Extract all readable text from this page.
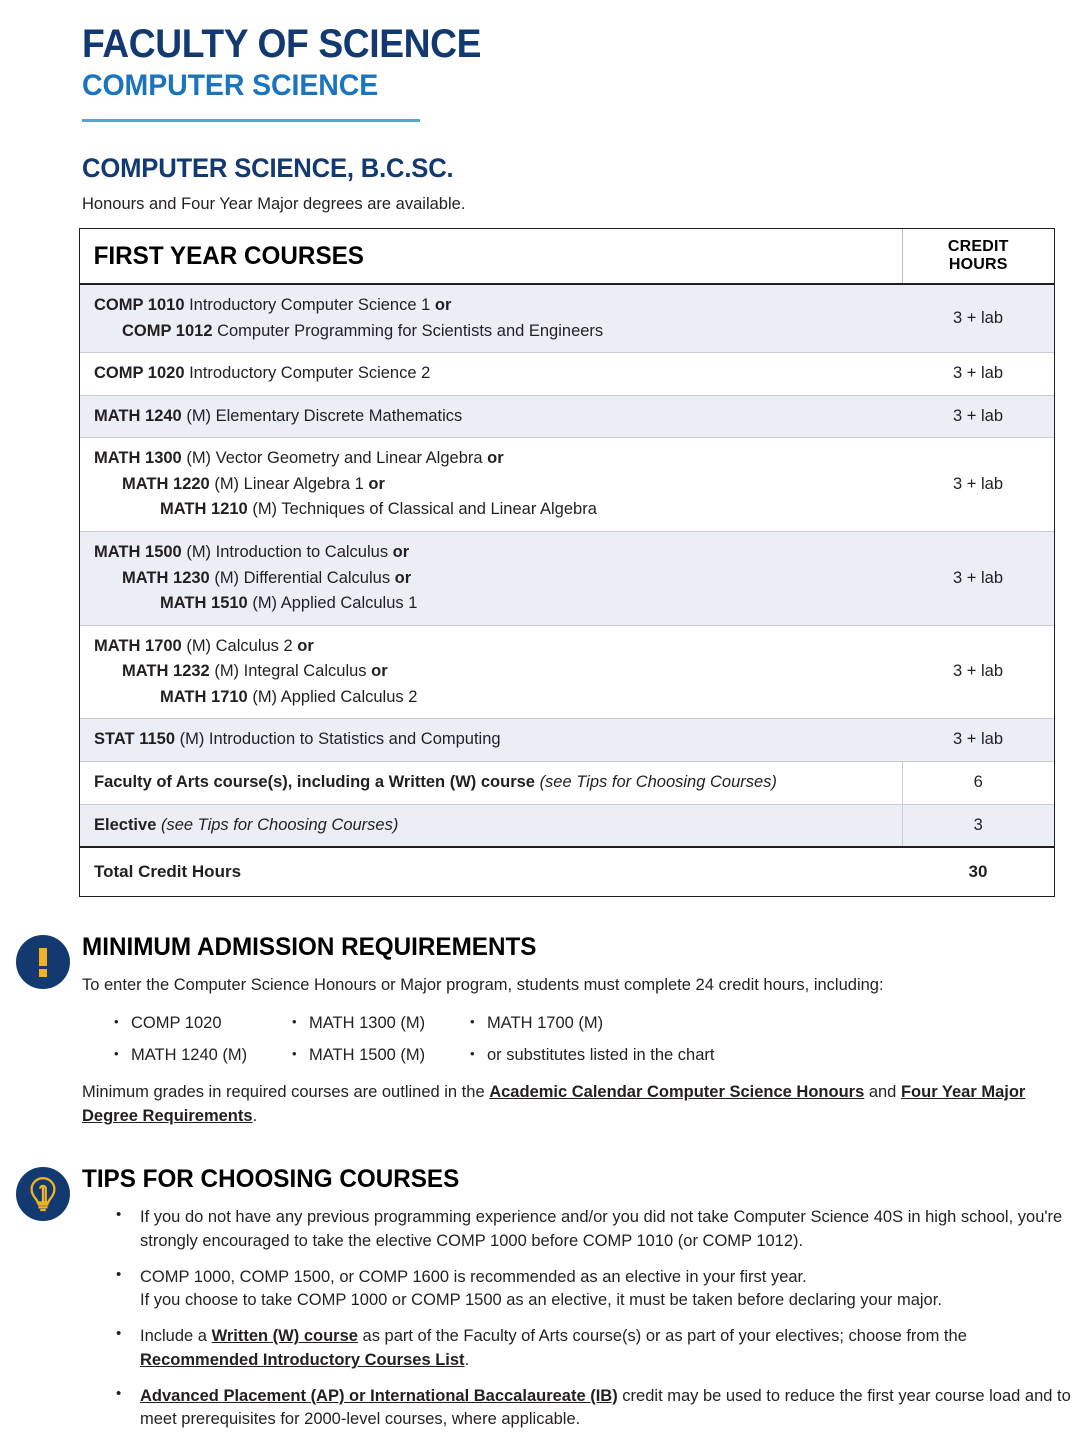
FACULTY OF SCIENCE
COMPUTER SCIENCE
COMPUTER SCIENCE, B.C.SC.
Honours and Four Year Major degrees are available.
FIRST YEAR COURSES	CREDIT
HOURS

COMP 1010 Introductory Computer Science 1 or
COMP 1012 Computer Programming for Scientists and Engineers	3 + lab

COMP 1020 Introductory Computer Science 2	3 + lab

MATH 1240 (M) Elementary Discrete Mathematics	3 + lab

MATH 1300 (M) Vector Geometry and Linear Algebra or
MATH 1220 (M) Linear Algebra 1 or
MATH 1210 (M) Techniques of Classical and Linear Algebra	3 + lab

MATH 1500 (M) Introduction to Calculus or
MATH 1230 (M) Differential Calculus or
MATH 1510 (M) Applied Calculus 1	3 + lab

MATH 1700 (M) Calculus 2 or
MATH 1232 (M) Integral Calculus or
MATH 1710 (M) Applied Calculus 2	3 + lab

STAT 1150 (M) Introduction to Statistics and Computing	3 + lab

Faculty of Arts course(s), including a Written (W) course (see Tips for Choosing Courses)	6

Elective (see Tips for Choosing Courses)	3
Total Credit Hours	30
MINIMUM ADMISSION REQUIREMENTS

To enter the Computer Science Honours or Major program, students must complete 24 credit hours, including:

• COMP 1020	• MATH 1300 (M)	• MATH 1700 (M)
• MATH 1240 (M)	• MATH 1500 (M)	• or substitutes listed in the chart

Minimum grades in required courses are outlined in the Academic Calendar Computer Science Honours and Four Year Major Degree Requirements.

TIPS FOR CHOOSING COURSES
• If you do not have any previous programming experience and/or you did not take Computer Science 40S in high school, you're strongly encouraged to take the elective COMP 1000 before COMP 1010 (or COMP 1012).
• COMP 1000, COMP 1500, or COMP 1600 is recommended as an elective in your first year.
If you choose to take COMP 1000 or COMP 1500 as an elective, it must be taken before declaring your major.
• Include a Written (W) course as part of the Faculty of Arts course(s) or as part of your electives; choose from the Recommended Introductory Courses List.
• Advanced Placement (AP) or International Baccalaureate (IB) credit may be used to reduce the first year course load and to meet prerequisites for 2000-level courses, where applicable.
